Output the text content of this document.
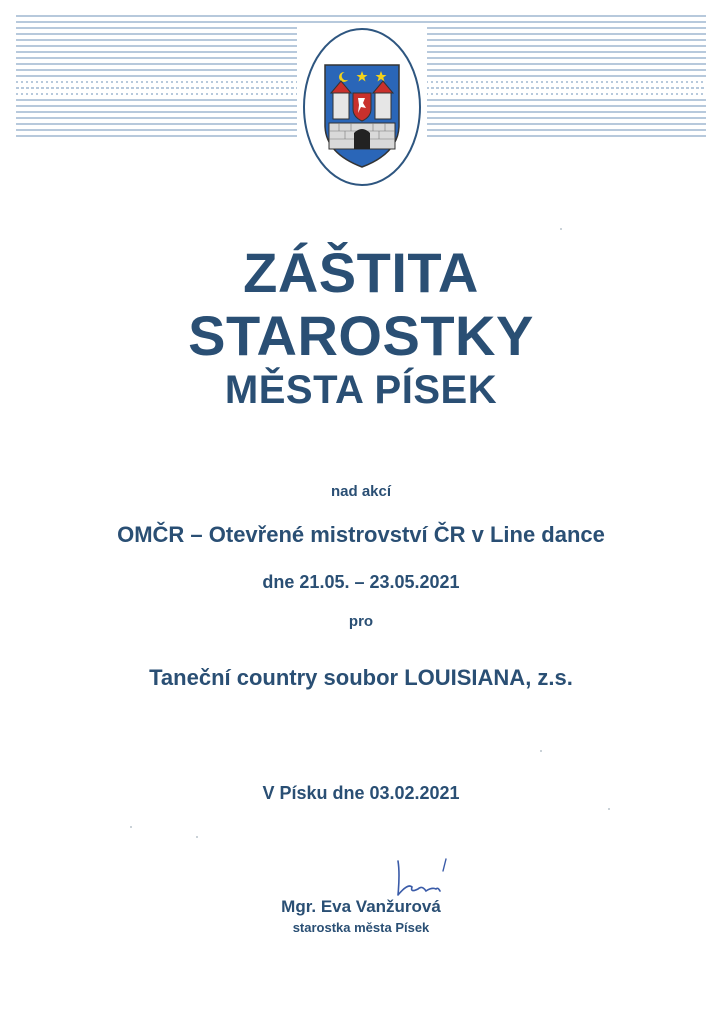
ZÁŠTITA
STAROSTKY
MĚSTA PÍSEK
nad akcí
OMČR – Otevřené mistrovství ČR v Line dance
dne 21.05. – 23.05.2021
pro
Taneční country soubor LOUISIANA, z.s.
V Písku dne 03.02.2021
Mgr. Eva Vanžurová
starostka města Písek
